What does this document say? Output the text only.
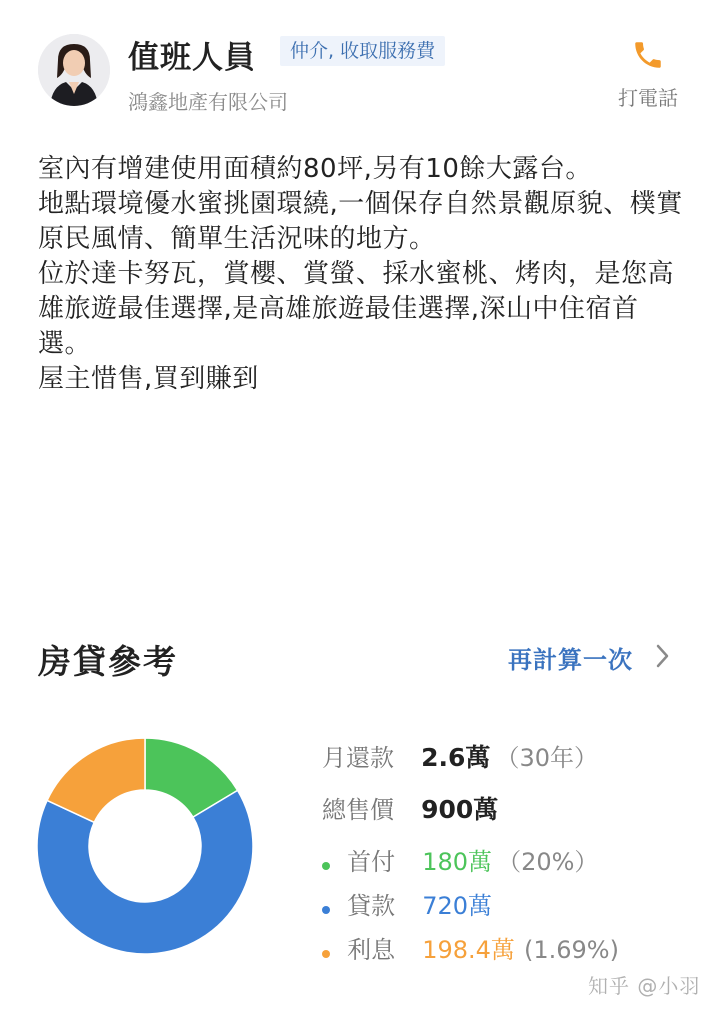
值班人員	仲介, 收取服務費
鴻鑫地產有限公司	打電話

室內有增建使用面積約80坪,另有10餘大露台。

地點環境優水蜜挑園環繞,一個保存自然景觀原貌、樸實原民風情、簡單生活況味的地方。

位於達卡努瓦，賞櫻、賞螢、採水蜜桃、烤肉，是您高雄旅遊最佳選擇,是高雄旅遊最佳選擇,深山中住宿首選。

屋主惜售,買到賺到

房貸參考	再計算一次
月還款 2.6萬 （30年）
總售價 900萬
首付 180萬 （20%）
貸款 720萬
利息 198.4萬 (1.69%)
知乎 @小羽
